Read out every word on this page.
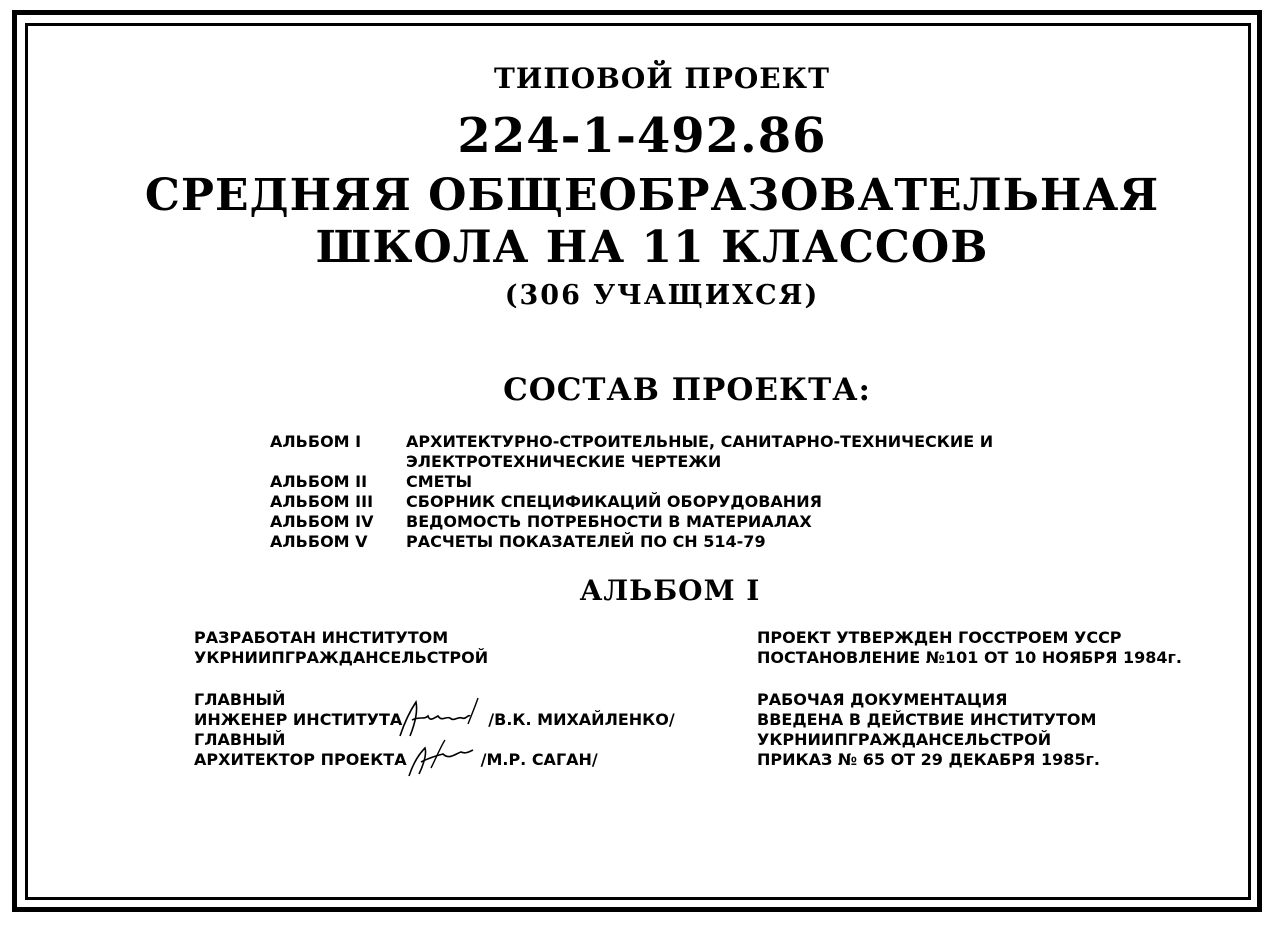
ТИПОВОЙ ПРОЕКТ
224-1-492.86
СРЕДНЯЯ ОБЩЕОБРАЗОВАТЕЛЬНАЯ
ШКОЛА НА 11 КЛАССОВ
(306 УЧАЩИХСЯ)
СОСТАВ ПРОЕКТА:
АЛЬБОМ I	АРХИТЕКТУРНО-СТРОИТЕЛЬНЫЕ, САНИТАРНО-ТЕХНИЧЕСКИЕ И
ЭЛЕКТРОТЕХНИЧЕСКИЕ ЧЕРТЕЖИ
АЛЬБОМ II	СМЕТЫ
АЛЬБОМ III	СБОРНИК СПЕЦИФИКАЦИЙ ОБОРУДОВАНИЯ
АЛЬБОМ IV	ВЕДОМОСТЬ ПОТРЕБНОСТИ В МАТЕРИАЛАХ
АЛЬБОМ V	РАСЧЕТЫ ПОКАЗАТЕЛЕЙ ПО СН 514-79
АЛЬБОМ I
РАЗРАБОТАН ИНСТИТУТОМ
УКРНИИПГРАЖДАНСЕЛЬСТРОЙ
ГЛАВНЫЙ
ИНЖЕНЕР ИНСТИТУТА	/В.К. МИХАЙЛЕНКО/
ГЛАВНЫЙ
АРХИТЕКТОР ПРОЕКТА	/М.Р. САГАН/
ПРОЕКТ УТВЕРЖДЕН ГОССТРОЕМ УССР
ПОСТАНОВЛЕНИЕ №101 ОТ 10 НОЯБРЯ 1984г.
РАБОЧАЯ ДОКУМЕНТАЦИЯ
ВВЕДЕНА В ДЕЙСТВИЕ ИНСТИТУТОМ
УКРНИИПГРАЖДАНСЕЛЬСТРОЙ
ПРИКАЗ № 65 ОТ 29 ДЕКАБРЯ 1985г.
